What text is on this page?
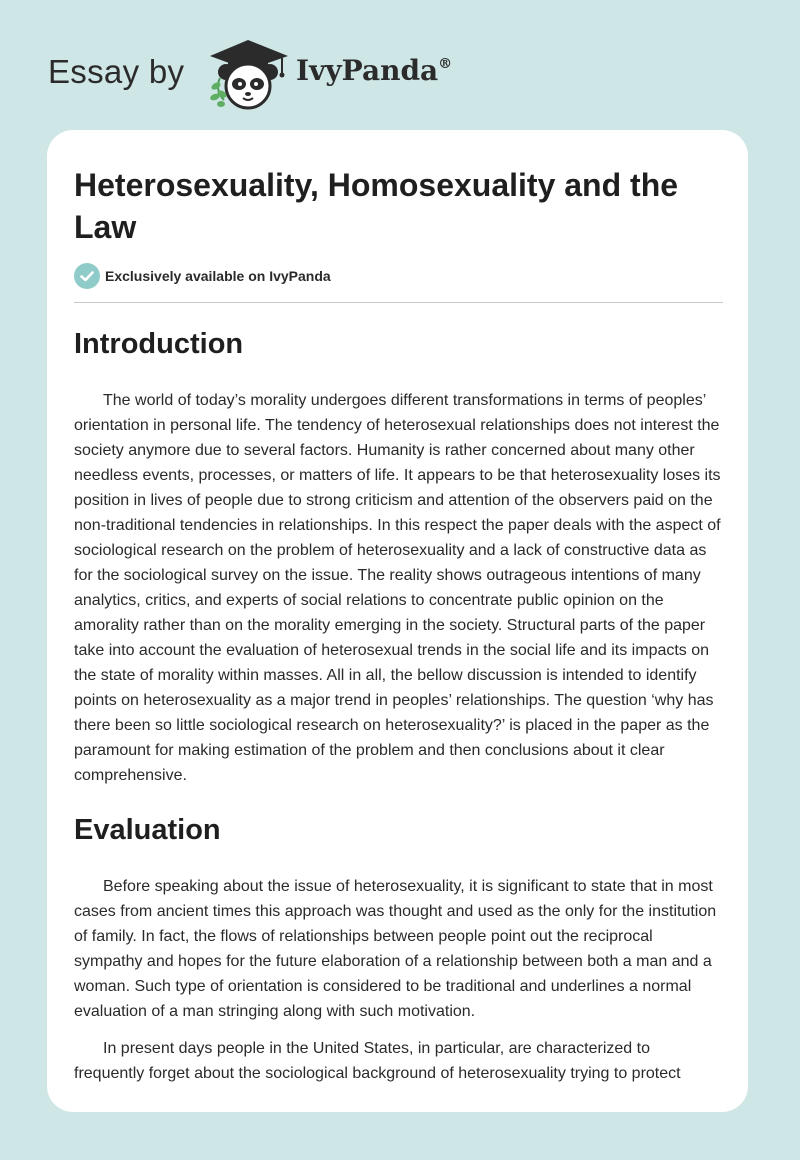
Essay by	IvyPanda®
Heterosexuality, Homosexuality and the Law
Exclusively available on IvyPanda
Introduction

The world of today’s morality undergoes different transformations in terms of peoples’ orientation in personal life. The tendency of heterosexual relationships does not interest the society anymore due to several factors. Humanity is rather concerned about many other needless events, processes, or matters of life. It appears to be that heterosexuality loses its position in lives of people due to strong criticism and attention of the observers paid on the non-traditional tendencies in relationships. In this respect the paper deals with the aspect of sociological research on the problem of heterosexuality and a lack of constructive data as for the sociological survey on the issue. The reality shows outrageous intentions of many analytics, critics, and experts of social relations to concentrate public opinion on the amorality rather than on the morality emerging in the society. Structural parts of the paper take into account the evaluation of heterosexual trends in the social life and its impacts on the state of morality within masses. All in all, the bellow discussion is intended to identify points on heterosexuality as a major trend in peoples’ relationships. The question ‘why has there been so little sociological research on heterosexuality?’ is placed in the paper as the paramount for making estimation of the problem and then conclusions about it clear comprehensive.

Evaluation

Before speaking about the issue of heterosexuality, it is significant to state that in most cases from ancient times this approach was thought and used as the only for the institution of family. In fact, the flows of relationships between people point out the reciprocal sympathy and hopes for the future elaboration of a relationship between both a man and a woman. Such type of orientation is considered to be traditional and underlines a normal evaluation of a man stringing along with such motivation.

In present days people in the United States, in particular, are characterized to frequently forget about the sociological background of heterosexuality trying to protect
